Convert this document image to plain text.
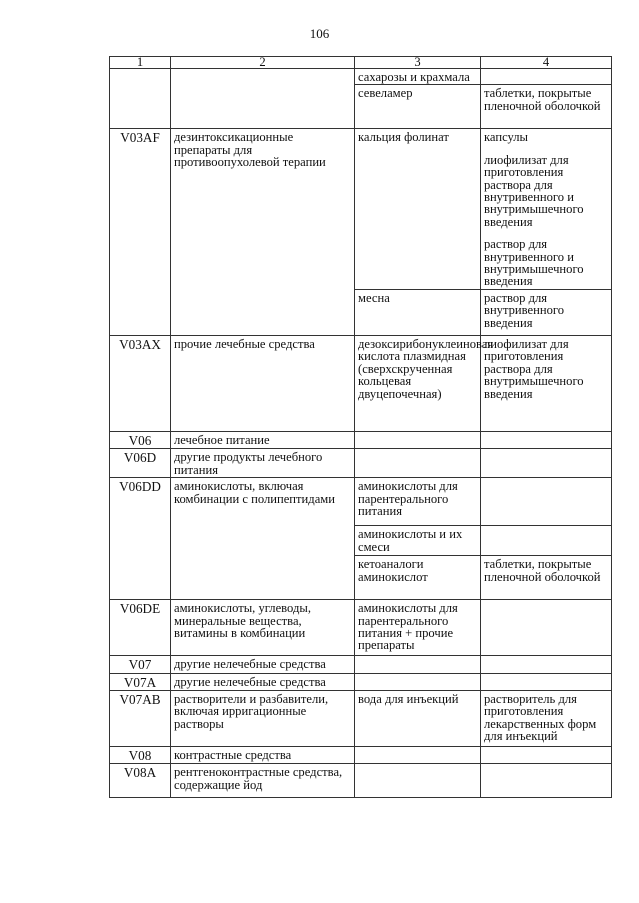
106
1	2	3	4
		сахарозы и крахмала	
		севеламер	таблетки, покрытые пленочной оболочкой
V03AF	дезинтоксикационные препараты для противоопухолевой терапии	кальция фолинат	капсулы
лиофилизат для приготовления раствора для внутривенного и внутримышечного введения
раствор для внутривенного и внутримышечного введения

		месна	раствор для внутривенного введения
V03AX	прочие лечебные средства	дезоксирибонуклеиновая кислота плазмидная (сверхскрученная кольцевая двуцепочечная)	лиофилизат для приготовления раствора для внутримышечного введения
V06	лечебное питание		
V06D	другие продукты лечебного питания		
V06DD	аминокислоты, включая комбинации с полипептидами	аминокислоты для парентерального питания	
		аминокислоты и их смеси	
		кетоаналоги аминокислот	таблетки, покрытые пленочной оболочкой
V06DE	аминокислоты, углеводы, минеральные вещества, витамины в комбинации	аминокислоты для парентерального питания + прочие препараты	
V07	другие нелечебные средства		
V07A	другие нелечебные средства		
V07AB	растворители и разбавители, включая ирригационные растворы	вода для инъекций	растворитель для приготовления лекарственных форм для инъекций
V08	контрастные средства		
V08A	рентгеноконтрастные средства, содержащие йод		
